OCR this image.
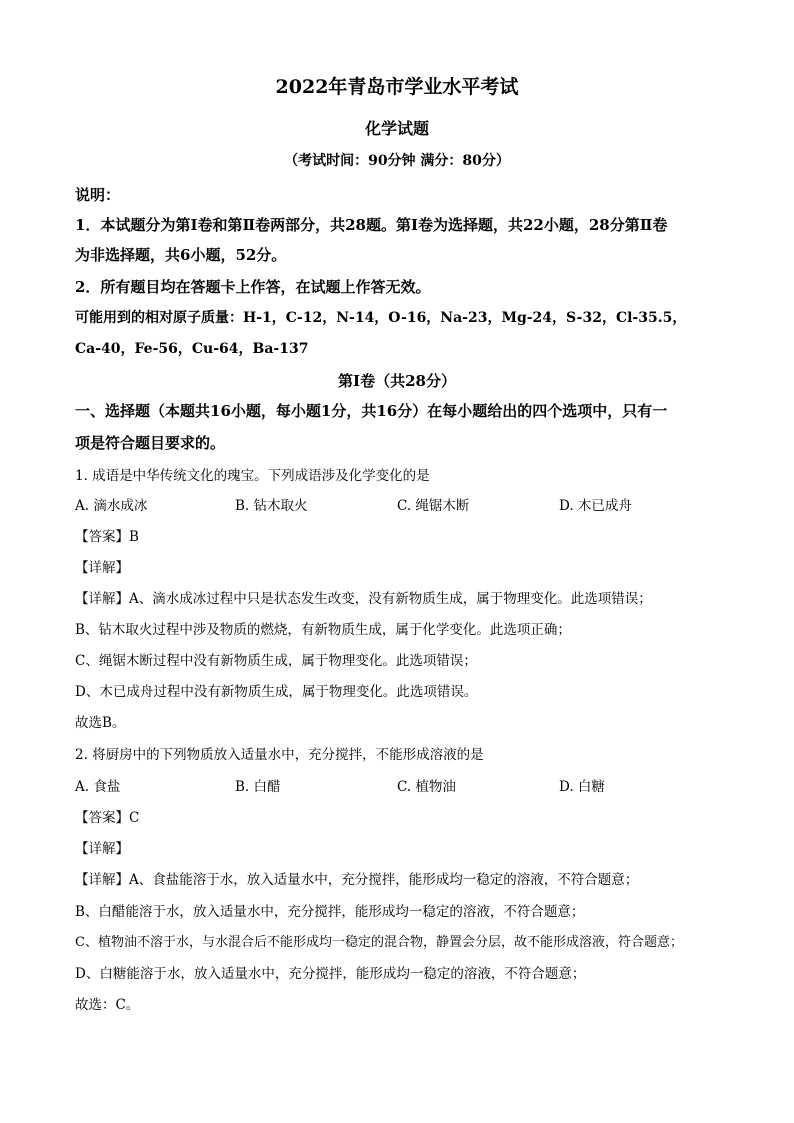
2022年青岛市学业水平考试
化学试题
（考试时间：90分钟 满分：80分）
说明：
1．本试题分为第Ⅰ卷和第Ⅱ卷两部分，共28题。第Ⅰ卷为选择题，共22小题，28分第Ⅱ卷
为非选择题，共6小题，52分。
2．所有题目均在答题卡上作答，在试题上作答无效。
可能用到的相对原子质量：H-1，C-12，N-14，O-16，Na-23，Mg-24，S-32，Cl-35.5，
Ca-40，Fe-56，Cu-64，Ba-137
第Ⅰ卷（共28分）
一、选择题（本题共16小题，每小题1分，共16分）在每小题给出的四个选项中，只有一
项是符合题目要求的。
1. 成语是中华传统文化的瑰宝。下列成语涉及化学变化的是
A. 滴水成冰	B. 钻木取火	C. 绳锯木断	D. 木已成舟
【答案】B
【详解】
【详解】A、滴水成冰过程中只是状态发生改变，没有新物质生成，属于物理变化。此选项错误；
B、钻木取火过程中涉及物质的燃烧，有新物质生成，属于化学变化。此选项正确；
C、绳锯木断过程中没有新物质生成，属于物理变化。此选项错误；
D、木已成舟过程中没有新物质生成，属于物理变化。此选项错误。
故选B。
2. 将厨房中的下列物质放入适量水中，充分搅拌，不能形成溶液的是
A. 食盐	B. 白醋	C. 植物油	D. 白糖
【答案】C
【详解】
【详解】A、食盐能溶于水，放入适量水中，充分搅拌，能形成均一稳定的溶液，不符合题意；
B、白醋能溶于水，放入适量水中，充分搅拌，能形成均一稳定的溶液，不符合题意；
C、植物油不溶于水，与水混合后不能形成均一稳定的混合物，静置会分层，故不能形成溶液，符合题意；
D、白糖能溶于水，放入适量水中，充分搅拌，能形成均一稳定的溶液，不符合题意；
故选：C。
